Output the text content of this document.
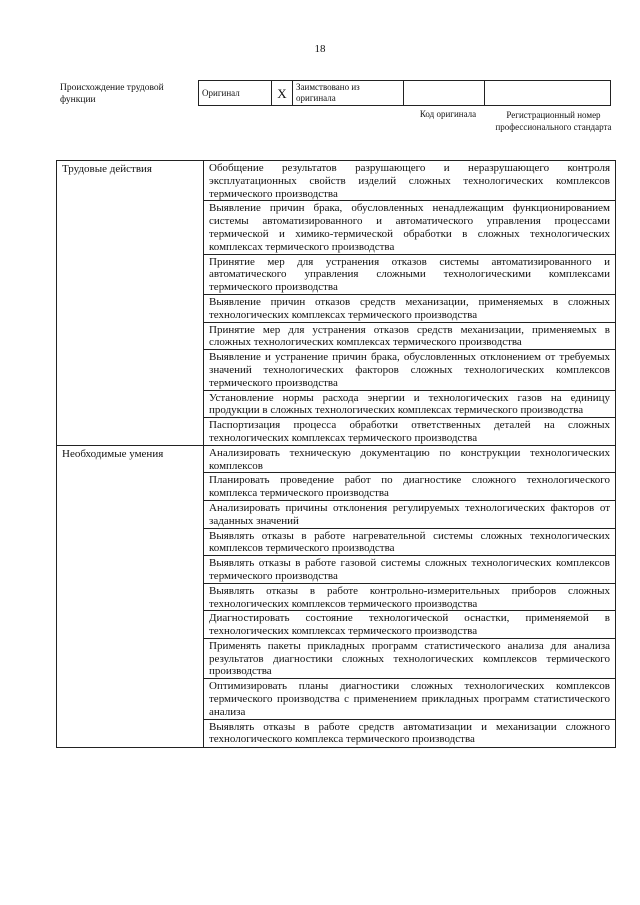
18
Происхождение трудовой функции
Оригинал	X	Заимствовано из оригинала		
Код оригинала	Регистрационный номер профессионального стандарта
Трудовые действия	Обобщение результатов разрушающего и неразрушающего контроля эксплуатационных свойств изделий сложных технологических комплексов термического производства

	Выявление причин брака, обусловленных ненадлежащим функционированием системы автоматизированного и автоматического управления процессами термической и химико-термической обработки в сложных технологических комплексах термического производства

	Принятие мер для устранения отказов системы автоматизированного и автоматического управления сложными технологическими комплексами термического производства

	Выявление причин отказов средств механизации, применяемых в сложных технологических комплексах термического производства

	Принятие мер для устранения отказов средств механизации, применяемых в сложных технологических комплексах термического производства

	Выявление и устранение причин брака, обусловленных отклонением от требуемых значений технологических факторов сложных технологических комплексов термического производства

	Установление нормы расхода энергии и технологических газов на единицу продукции в сложных технологических комплексах термического производства

	Паспортизация процесса обработки ответственных деталей на сложных технологических комплексах термического производства

Необходимые умения	Анализировать техническую документацию по конструкции технологических комплексов

	Планировать проведение работ по диагностике сложного технологического комплекса термического производства

	Анализировать причины отклонения регулируемых технологических факторов от заданных значений

	Выявлять отказы в работе нагревательной системы сложных технологических комплексов термического производства

	Выявлять отказы в работе газовой системы сложных технологических комплексов термического производства

	Выявлять отказы в работе контрольно-измерительных приборов сложных технологических комплексов термического производства

	Диагностировать состояние технологической оснастки, применяемой в технологических комплексах термического производства

	Применять пакеты прикладных программ статистического анализа для анализа результатов диагностики сложных технологических комплексов термического производства

	Оптимизировать планы диагностики сложных технологических комплексов термического производства с применением прикладных программ статистического анализа

	Выявлять отказы в работе средств автоматизации и механизации сложного технологического комплекса термического производства
